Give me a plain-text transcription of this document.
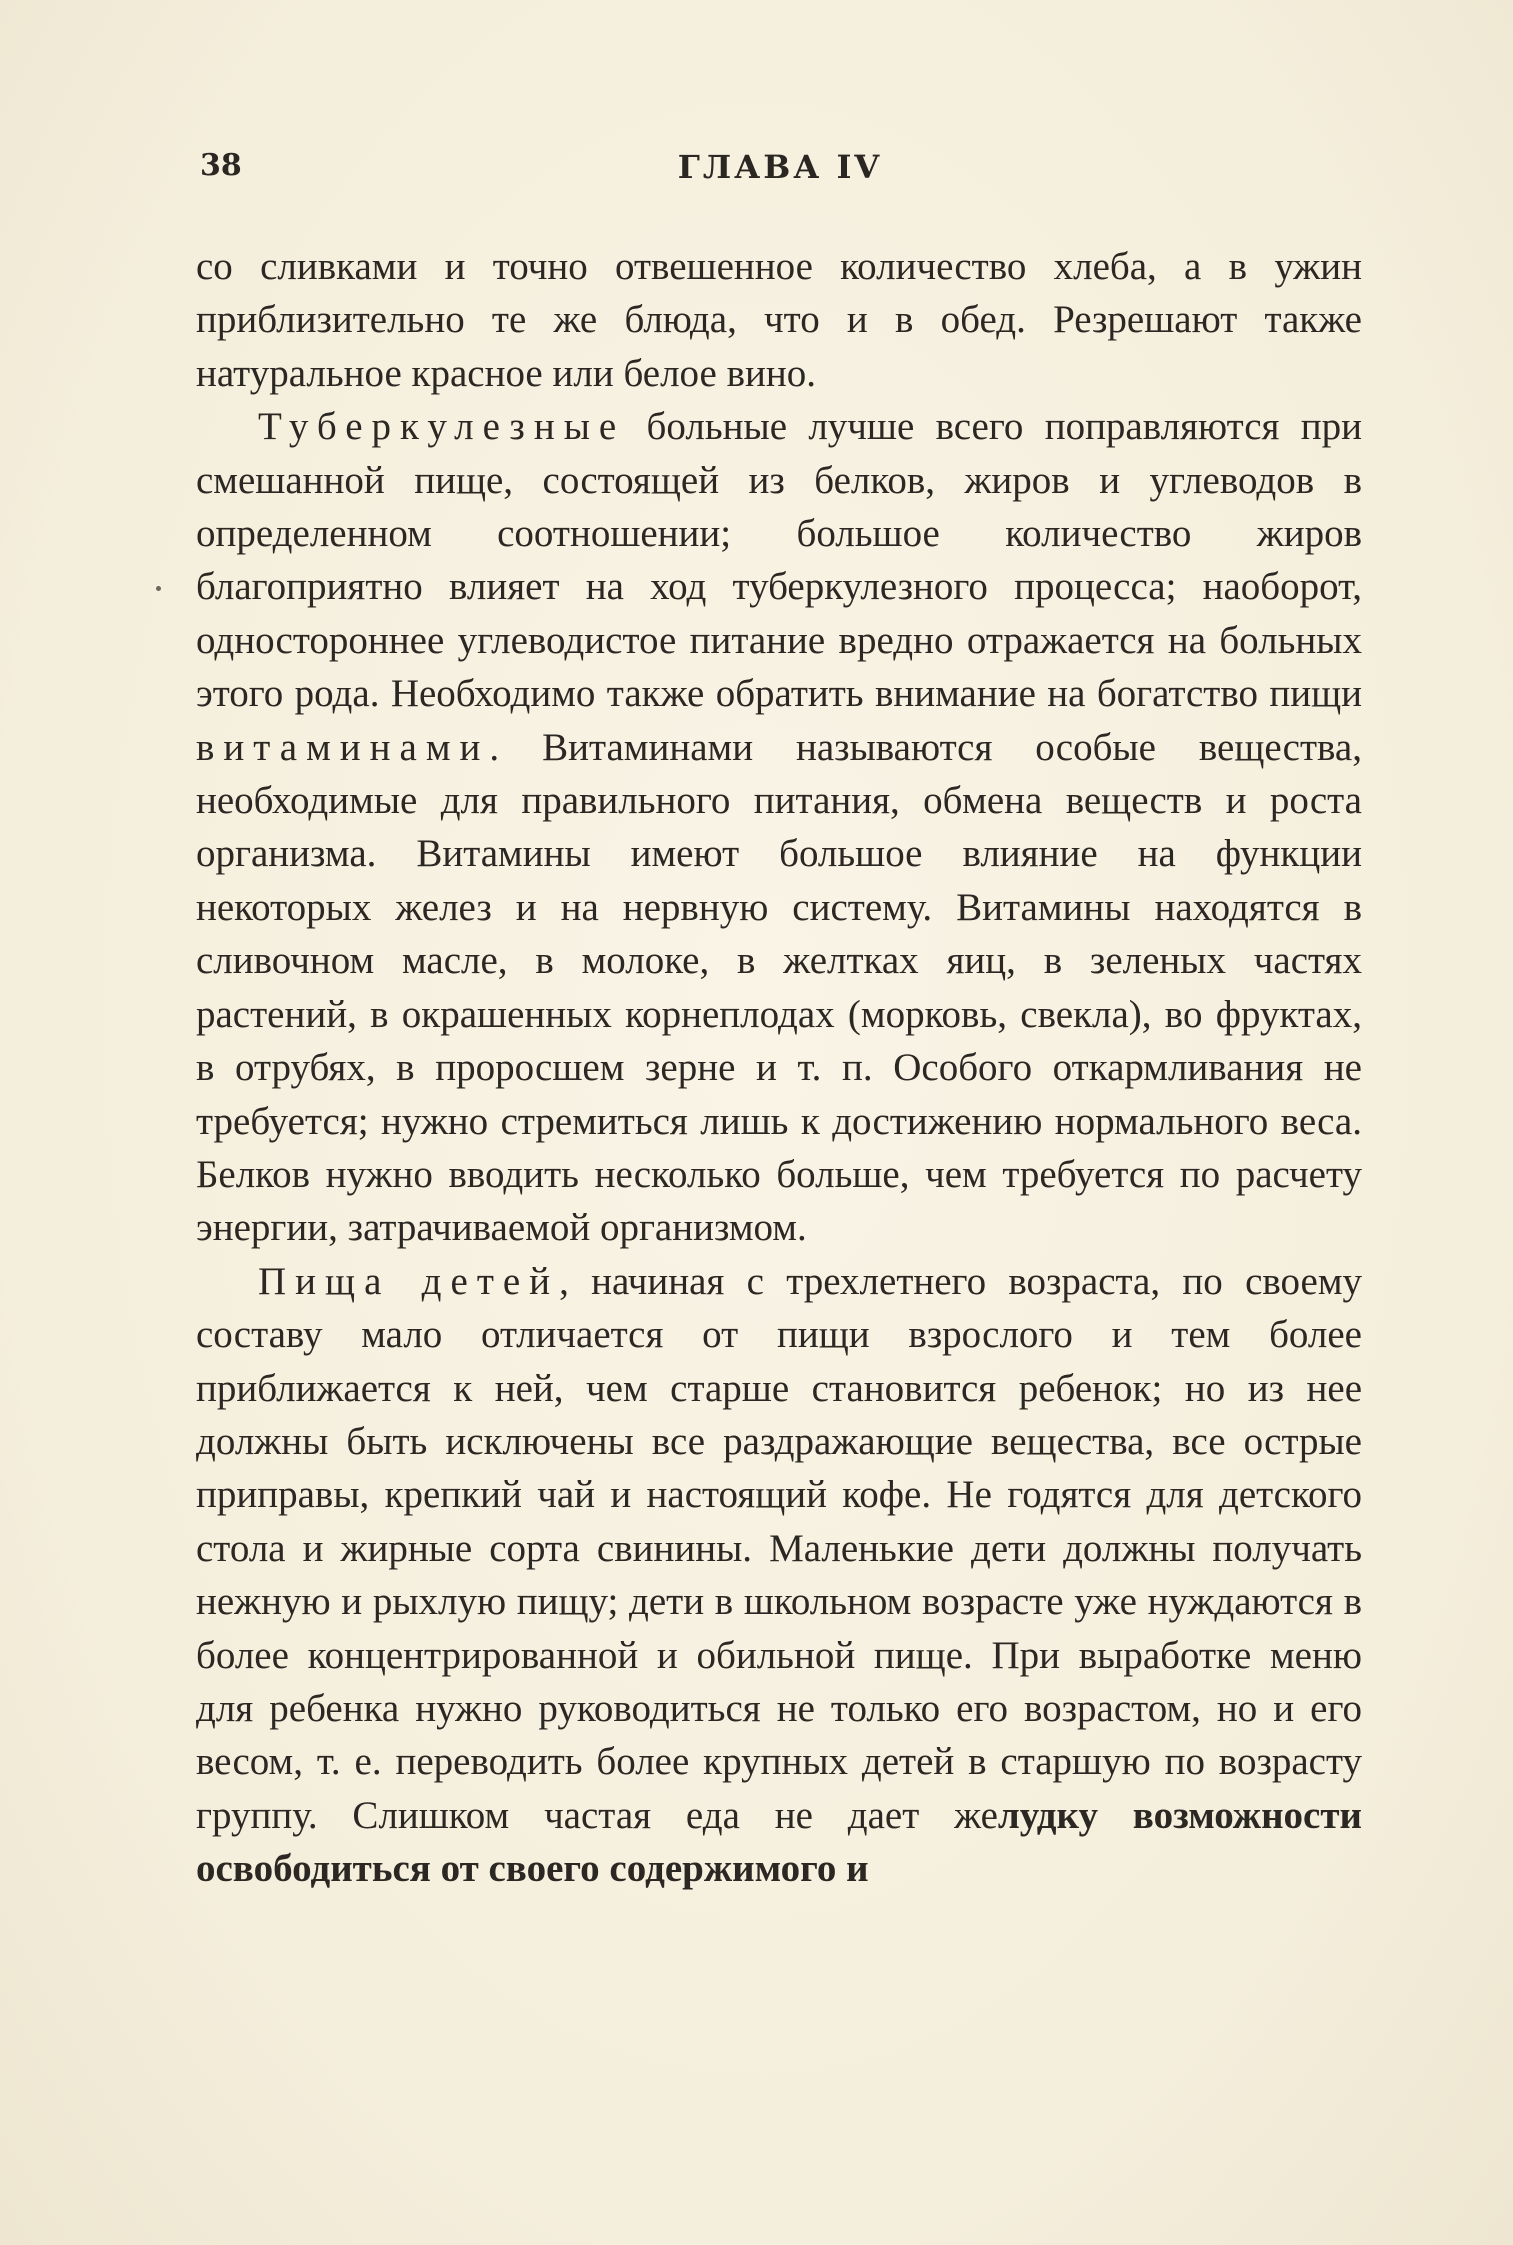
38	ГЛАВА IV

со сливками и точно отвешенное количество хлеба, а в ужин приблизительно те же блюда, что и в обед. Резрешают также натуральное красное или белое вино.

Туберкулезные больные лучше всего поправляются при смешанной пище, состоящей из белков, жиров и углеводов в определенном соотношении; большое количество жиров благоприятно влияет на ход туберкулезного процесса; наоборот, одностороннее углеводистое питание вредно отражается на больных этого рода. Необходимо также обратить внимание на богатство пищи витаминами. Витаминами называются особые вещества, необходимые для правильного питания, обмена веществ и роста организма. Витамины имеют большое влияние на функции некоторых желез и на нервную систему. Витамины находятся в сливочном масле, в молоке, в желтках яиц, в зеленых частях растений, в окрашенных корнеплодах (морковь, свекла), во фруктах, в отрубях, в проросшем зерне и т. п. Особого откармливания не требуется; нужно стремиться лишь к достижению нормального веса. Белков нужно вводить несколько больше, чем требуется по расчету энергии, затрачиваемой организмом.

Пища детей, начиная с трехлетнего возраста, по своему составу мало отличается от пищи взрослого и тем более приближается к ней, чем старше становится ребенок; но из нее должны быть исключены все раздражающие вещества, все острые приправы, крепкий чай и настоящий кофе. Не годятся для детского стола и жирные сорта свинины. Маленькие дети должны получать нежную и рыхлую пищу; дети в школьном возрасте уже нуждаются в более концентрированной и обильной пище. При выработке меню для ребенка нужно руководиться не только его возрастом, но и его весом, т. е. переводить более крупных детей в старшую по возрасту группу. Слишком частая еда не дает желудку возможности освободиться от своего содержимого и
